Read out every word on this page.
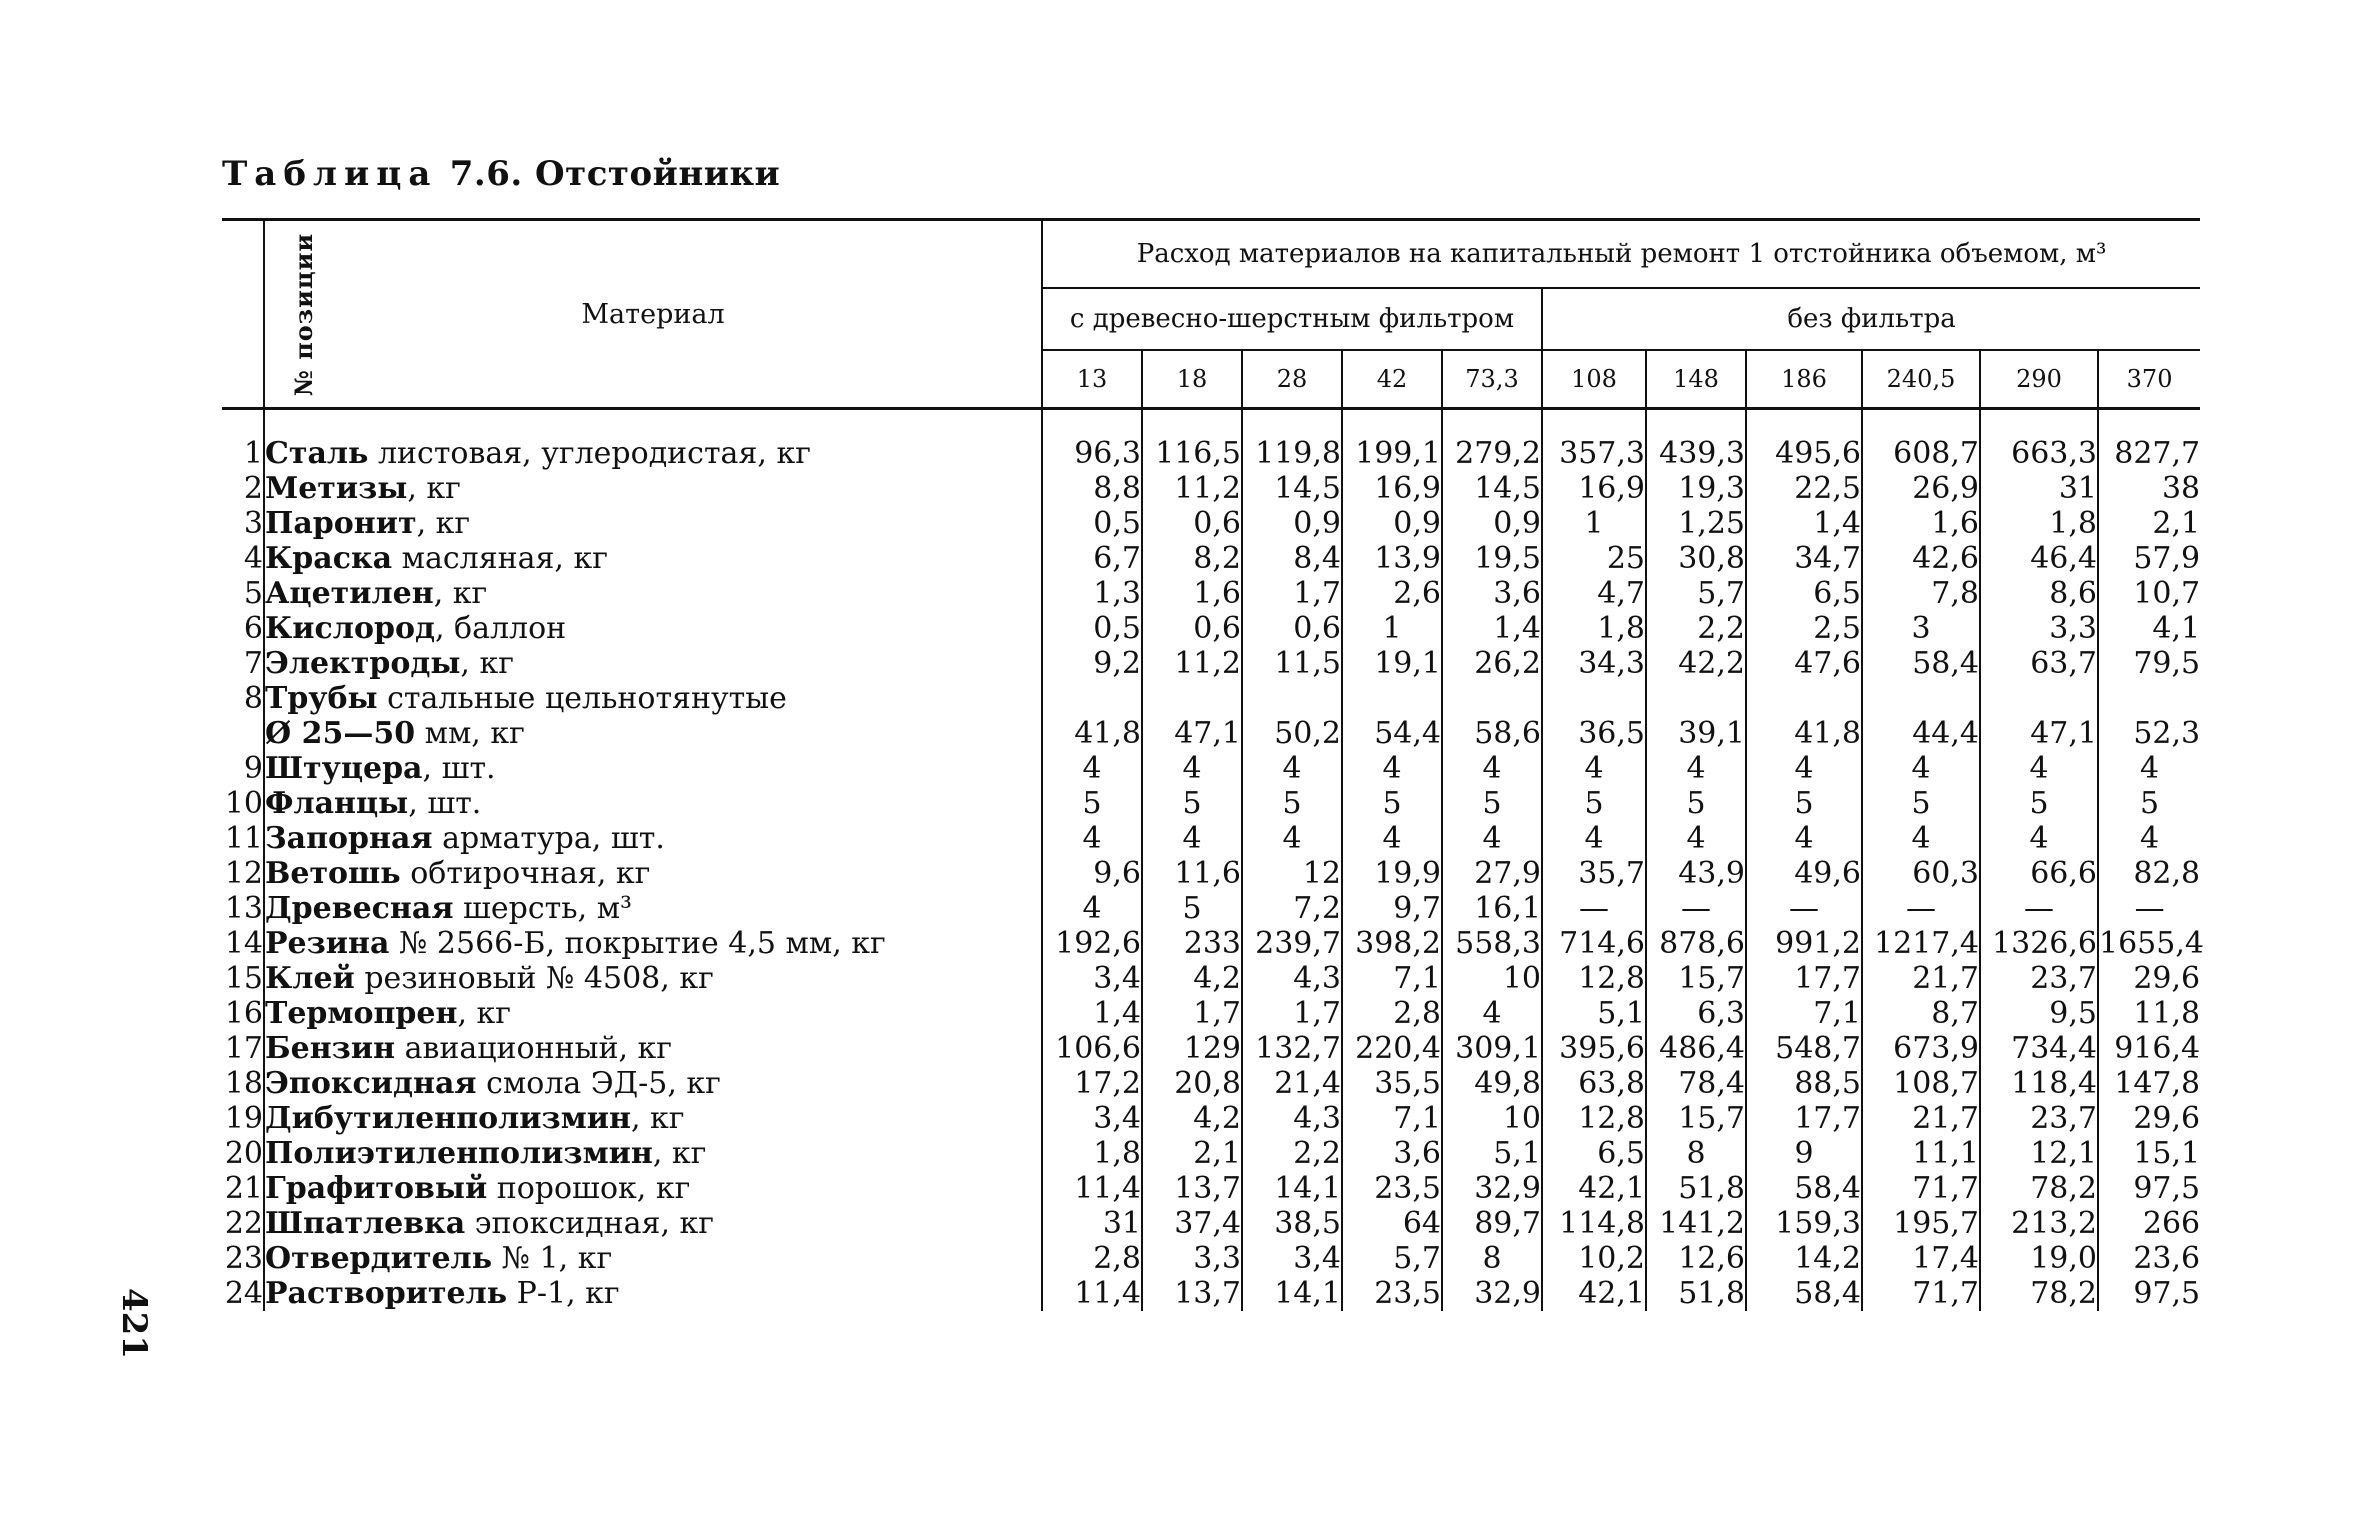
Таблица 7.6. Отстойники
№ позиции	Материал	Расход материалов на капитальный ремонт 1 отстойника объемом, м³										
		с древесно-шерстным фильтром					без фильтра					
		13	18	28	42	73,3	108	148	186	240,5	290	370

1	Сталь листовая, углеродистая, кг	96,3	116,5	119,8	199,1	279,2	357,3	439,3	495,6	608,7	663,3	827,7
2	Метизы, кг	8,8	11,2	14,5	16,9	14,5	16,9	19,3	22,5	26,9	31	38
3	Паронит, кг	0,5	0,6	0,9	0,9	0,9	1	1,25	1,4	1,6	1,8	2,1
4	Краска масляная, кг	6,7	8,2	8,4	13,9	19,5	25	30,8	34,7	42,6	46,4	57,9
5	Ацетилен, кг	1,3	1,6	1,7	2,6	3,6	4,7	5,7	6,5	7,8	8,6	10,7
6	Кислород, баллон	0,5	0,6	0,6	1	1,4	1,8	2,2	2,5	3	3,3	4,1
7	Электроды, кг	9,2	11,2	11,5	19,1	26,2	34,3	42,2	47,6	58,4	63,7	79,5
8	Трубы стальные цельнотянутые
Ø 25—50 мм, кг	41,8	47,1	50,2	54,4	58,6	36,5	39,1	41,8	44,4	47,1	52,3
9	Штуцера, шт.	4	4	4	4	4	4	4	4	4	4	4
10	Фланцы, шт.	5	5	5	5	5	5	5	5	5	5	5
11	Запорная арматура, шт.	4	4	4	4	4	4	4	4	4	4	4
12	Ветошь обтирочная, кг	9,6	11,6	12	19,9	27,9	35,7	43,9	49,6	60,3	66,6	82,8
13	Древесная шерсть, м³	4	5	7,2	9,7	16,1	—	—	—	—	—	—
14	Резина № 2566-Б, покрытие 4,5 мм, кг	192,6	233	239,7	398,2	558,3	714,6	878,6	991,2	1217,4	1326,6	1655,4
15	Клей резиновый № 4508, кг	3,4	4,2	4,3	7,1	10	12,8	15,7	17,7	21,7	23,7	29,6
16	Термопрен, кг	1,4	1,7	1,7	2,8	4	5,1	6,3	7,1	8,7	9,5	11,8
17	Бензин авиационный, кг	106,6	129	132,7	220,4	309,1	395,6	486,4	548,7	673,9	734,4	916,4
18	Эпоксидная смола ЭД-5, кг	17,2	20,8	21,4	35,5	49,8	63,8	78,4	88,5	108,7	118,4	147,8
19	Дибутиленполизмин, кг	3,4	4,2	4,3	7,1	10	12,8	15,7	17,7	21,7	23,7	29,6
20	Полиэтиленполизмин, кг	1,8	2,1	2,2	3,6	5,1	6,5	8	9	11,1	12,1	15,1
21	Графитовый порошок, кг	11,4	13,7	14,1	23,5	32,9	42,1	51,8	58,4	71,7	78,2	97,5
22	Шпатлевка эпоксидная, кг	31	37,4	38,5	64	89,7	114,8	141,2	159,3	195,7	213,2	266
23	Отвердитель № 1, кг	2,8	3,3	3,4	5,7	8	10,2	12,6	14,2	17,4	19,0	23,6
24	Растворитель Р-1, кг	11,4	13,7	14,1	23,5	32,9	42,1	51,8	58,4	71,7	78,2	97,5
421
